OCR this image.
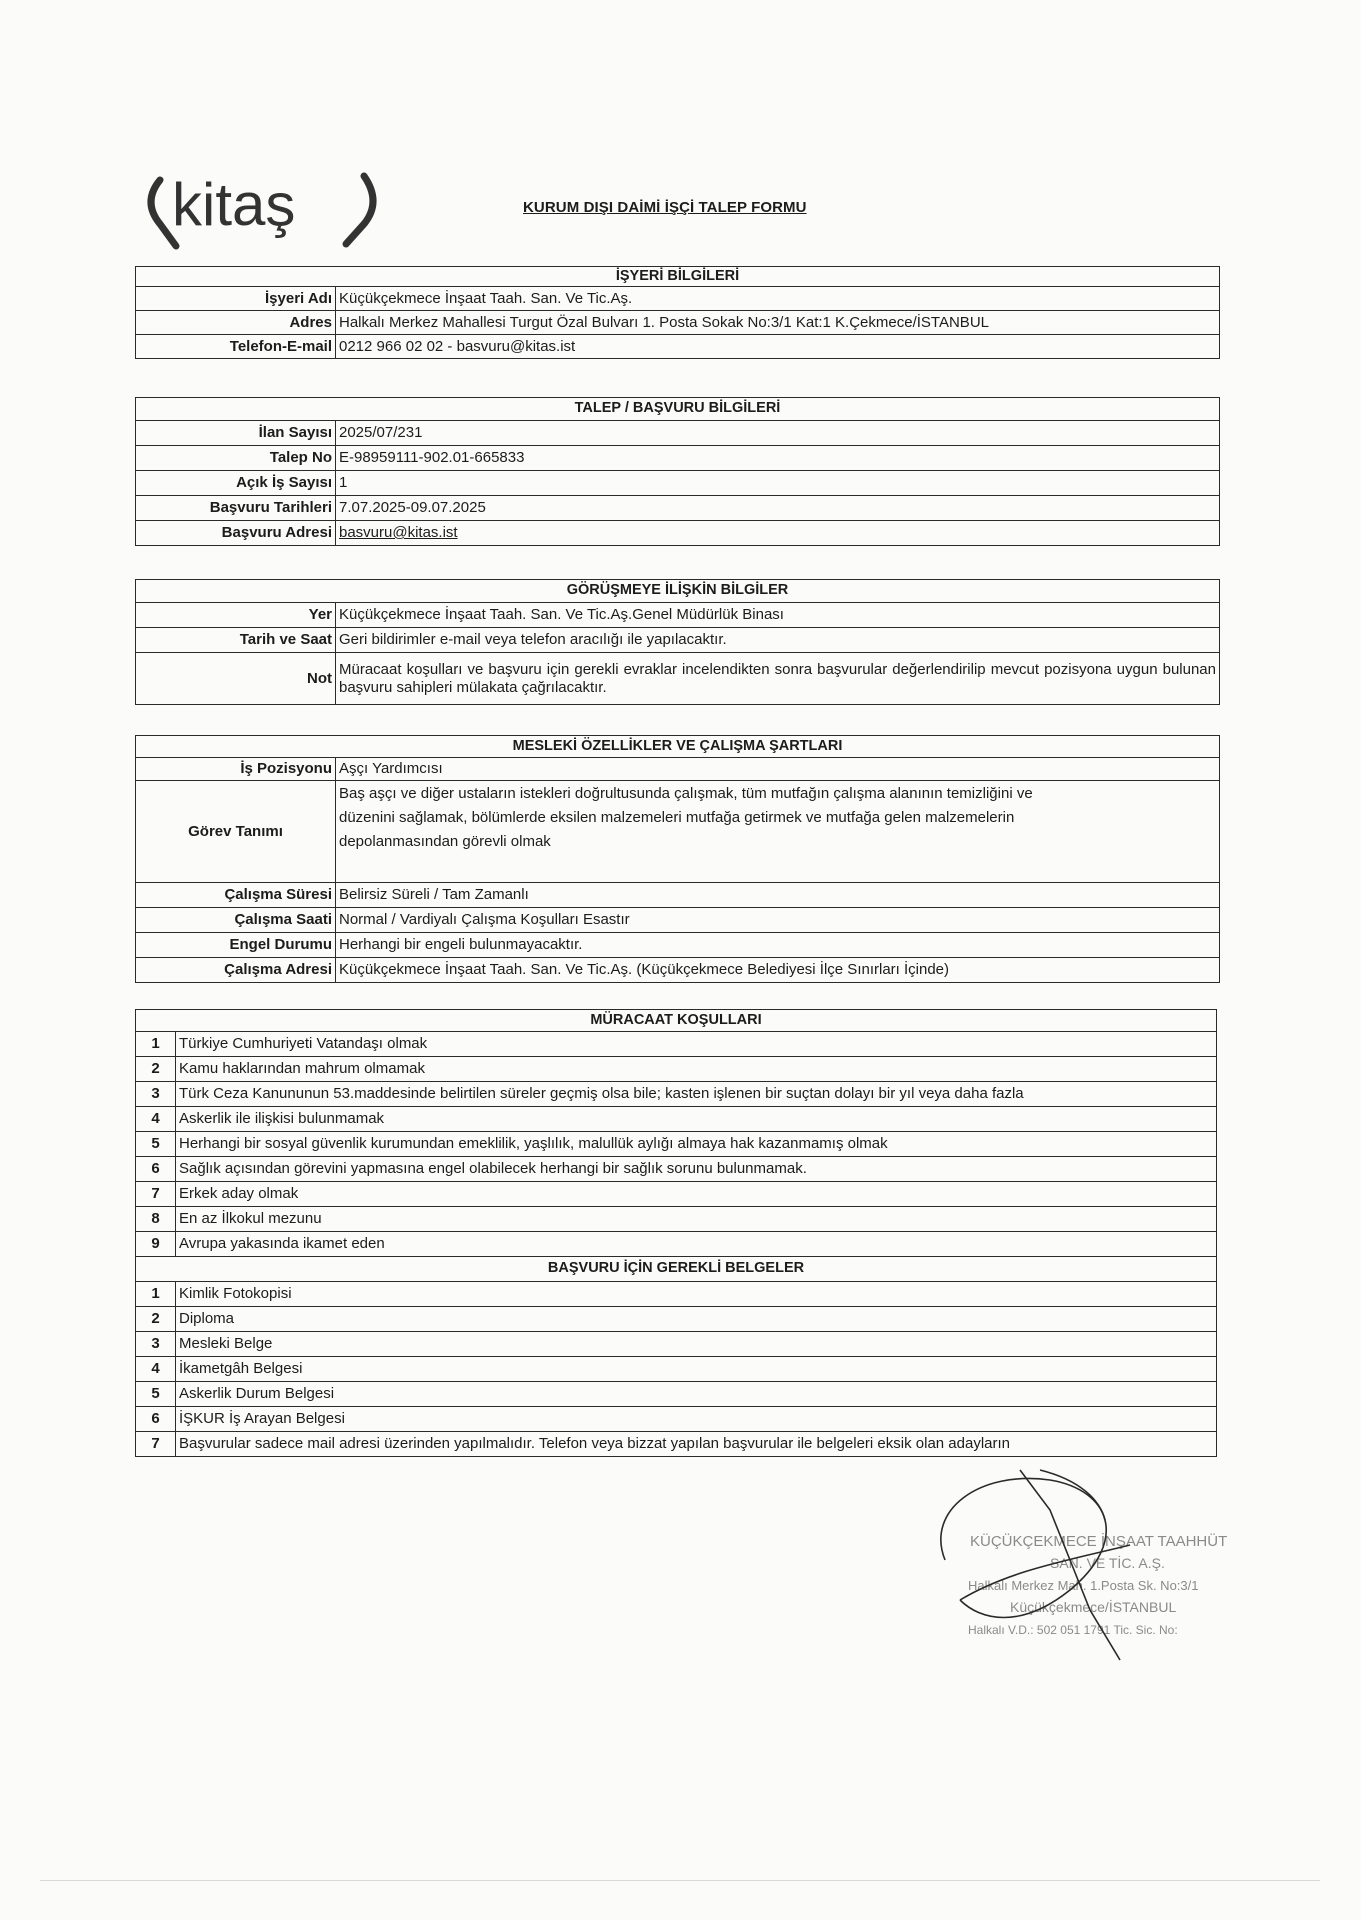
kitaş	KURUM DIŞI DAİMİ İŞÇİ TALEP FORMU
İŞYERİ BİLGİLERİ	
İşyeri Adı	Küçükçekmece İnşaat Taah. San. Ve Tic.Aş.
Adres	Halkalı Merkez Mahallesi Turgut Özal Bulvarı 1. Posta Sokak No:3/1 Kat:1 K.Çekmece/İSTANBUL
Telefon-E-mail	0212 966 02 02 - basvuru@kitas.ist
TALEP / BAŞVURU BİLGİLERİ	
İlan Sayısı	2025/07/231
Talep No	E-98959111-902.01-665833
Açık İş Sayısı	1
Başvuru Tarihleri	7.07.2025-09.07.2025
Başvuru Adresi	basvuru@kitas.ist
GÖRÜŞMEYE İLİŞKİN BİLGİLER	
Yer	Küçükçekmece İnşaat Taah. San. Ve Tic.Aş.Genel Müdürlük Binası
Tarih ve Saat	Geri bildirimler e-mail veya telefon aracılığı ile yapılacaktır.
Not	Müracaat koşulları ve başvuru için gerekli evraklar incelendikten sonra başvurular değerlendirilip mevcut pozisyona uygun bulunan başvuru sahipleri mülakata çağrılacaktır.
MESLEKİ ÖZELLİKLER VE ÇALIŞMA ŞARTLARI	
İş Pozisyonu	Aşçı Yardımcısı
Görev Tanımı	Baş aşçı ve diğer ustaların istekleri doğrultusunda çalışmak, tüm mutfağın çalışma alanının temizliğini ve düzenini sağlamak, bölümlerde eksilen malzemeleri mutfağa getirmek ve mutfağa gelen malzemelerin depolanmasından görevli olmak
Çalışma Süresi	Belirsiz Süreli / Tam Zamanlı
Çalışma Saati	Normal / Vardiyalı Çalışma Koşulları Esastır
Engel Durumu	Herhangi bir engeli bulunmayacaktır.
Çalışma Adresi	Küçükçekmece İnşaat Taah. San. Ve Tic.Aş. (Küçükçekmece Belediyesi İlçe Sınırları İçinde)
MÜRACAAT KOŞULLARI	
1	Türkiye Cumhuriyeti Vatandaşı olmak
2	Kamu haklarından mahrum olmamak
3	Türk Ceza Kanununun 53.maddesinde belirtilen süreler geçmiş olsa bile; kasten işlenen bir suçtan dolayı bir yıl veya daha fazla
4	Askerlik ile ilişkisi bulunmamak
5	Herhangi bir sosyal güvenlik kurumundan emeklilik, yaşlılık, malullük aylığı almaya hak kazanmamış olmak
6	Sağlık açısından görevini yapmasına engel olabilecek herhangi bir sağlık sorunu bulunmamak.
7	Erkek aday olmak
8	En az İlkokul mezunu
9	Avrupa yakasında ikamet eden
BAŞVURU İÇİN GEREKLİ BELGELER	
1	Kimlik Fotokopisi
2	Diploma
3	Mesleki Belge
4	İkametgâh Belgesi
5	Askerlik Durum Belgesi
6	İŞKUR İş Arayan Belgesi
7	Başvurular sadece mail adresi üzerinden yapılmalıdır. Telefon veya bizzat yapılan başvurular ile belgeleri eksik olan adayların
KÜÇÜKÇEKMECE İNŞAAT TAAHHÜT
SAN. VE TİC. A.Ş.
Halkalı Merkez Mah. 1.Posta Sk. No:3/1
Küçükçekmece/İSTANBUL
Halkalı V.D.: 502 051 1791 Tic. Sic. No:
